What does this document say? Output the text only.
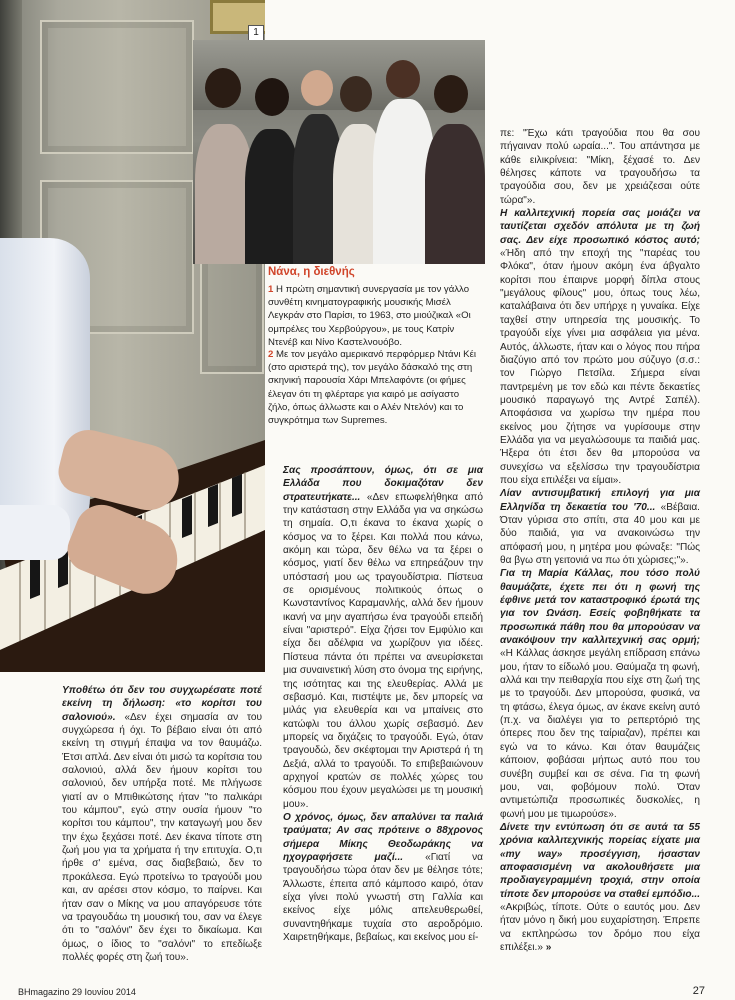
1
Νάνα, η διεθνής
1 Η πρώτη σημαντική συνεργασία με τον γάλλο συνθέτη κινηματογραφικής μουσικής Μισέλ Λεγκράν στο Παρίσι, το 1963, στο μιούζικαλ «Οι ομπρέλες του Χερβούργου», με τους Κατρίν Ντενέβ και Νίνο Καστελνουόβο.
2 Με τον μεγάλο αμερικανό περφόρμερ Ντάνι Κέι (στο αριστερά της), τον μεγάλο δάσκαλό της στη σκηνική παρουσία Χάρι Μπελαφόντε (οι φήμες έλεγαν ότι τη φλέρταρε για καιρό με ασίγαστο ζήλο, όπως άλλωστε και ο Αλέν Ντελόν) και το συγκρότημα των Supremes.

Υποθέτω ότι δεν του συγχωρέσατε ποτέ εκείνη τη δήλωση: «το κορίτσι του σαλονιού». «Δεν έχει σημασία αν του συγχώρεσα ή όχι. Το βέβαιο είναι ότι από εκείνη τη στιγμή έπαψα να τον θαυμάζω. Έτσι απλά. Δεν είναι ότι μισώ τα κορίτσια του σαλονιού, αλλά δεν ήμουν κορίτσι του σαλονιού, δεν υπήρξα ποτέ. Με πλήγωσε γιατί αν ο Μπιθικώτσης ήταν "το παλικάρι του κάμπου", εγώ στην ουσία ήμουν "το κορίτσι του κάμπου", την καταγωγή μου δεν την έχω ξεχάσει ποτέ. Δεν έκανα τίποτε στη ζωή μου για τα χρήματα ή την επιτυχία. Ο,τι ήρθε σ' εμένα, σας διαβεβαιώ, δεν το προκάλεσα. Εγώ προτείνω το τραγούδι μου και, αν αρέσει στον κόσμο, το παίρνει. Και ήταν σαν ο Μίκης να μου απαγόρευσε τότε να τραγουδάω τη μουσική του, σαν να έλεγε ότι το "σαλόνι" δεν έχει το δικαίωμα. Και όμως, ο ίδιος το "σαλόνι" το επεδίωξε πολλές φορές στη ζωή του».

Σας προσάπτουν, όμως, ότι σε μια Ελλάδα που δοκιμαζόταν δεν στρατευτήκατε... «Δεν επωφελήθηκα από την κατάσταση στην Ελλάδα για να σηκώσω τη σημαία. Ο,τι έκανα το έκανα χωρίς ο κόσμος να το ξέρει. Και πολλά που κάνω, ακόμη και τώρα, δεν θέλω να τα ξέρει ο κόσμος, γιατί δεν θέλω να επηρεάζουν την υπόστασή μου ως τραγουδίστρια. Πίστευα σε ορισμένους πολιτικούς όπως ο Κωνσταντίνος Καραμανλής, αλλά δεν ήμουν ικανή να μην αγαπήσω ένα τραγούδι επειδή είναι "αριστερό". Είχα ζήσει τον Εμφύλιο και είχα δει αδέλφια να χωρίζουν για ιδέες. Πίστευα πάντα ότι πρέπει να ανευρίσκεται μια συναινετική λύση στο όνομα της ειρήνης, της ισότητας και της ελευθερίας. Αλλά με σεβασμό. Και, πιστέψτε με, δεν μπορείς να μιλάς για ελευθερία και να μπαίνεις στο κατώφλι του άλλου χωρίς σεβασμό. Δεν μπορείς να διχάζεις το τραγούδι. Εγώ, όταν τραγουδώ, δεν σκέφτομαι την Αριστερά ή τη Δεξιά, αλλά το τραγούδι. Το επιβεβαιώνουν αρχηγοί κρατών σε πολλές χώρες του κόσμου που έχουν μεγαλώσει με τη μουσική μου».

Ο χρόνος, όμως, δεν απαλύνει τα παλιά τραύματα; Αν σας πρότεινε ο 88χρονος σήμερα Μίκης Θεοδωράκης να ηχογραφήσετε μαζί... «Γιατί να τραγουδήσω τώρα όταν δεν με θέλησε τότε; Άλλωστε, έπειτα από κάμποσο καιρό, όταν είχα γίνει πολύ γνωστή στη Γαλλία και εκείνος είχε μόλις απελευθερωθεί, συναντηθήκαμε τυχαία στο αεροδρόμιο. Χαιρετηθήκαμε, βεβαίως, και εκείνος μου εί-

πε: "Έχω κάτι τραγούδια που θα σου πήγαιναν πολύ ωραία...". Του απάντησα με κάθε ειλικρίνεια: "Μίκη, ξέχασέ το. Δεν θέλησες κάποτε να τραγουδήσω τα τραγούδια σου, δεν με χρειάζεσαι ούτε τώρα"».

Η καλλιτεχνική πορεία σας μοιάζει να ταυτίζεται σχεδόν απόλυτα με τη ζωή σας. Δεν είχε προσωπικό κόστος αυτό; «Ήδη από την εποχή της "παρέας του Φλόκα", όταν ήμουν ακόμη ένα άβγαλτο κορίτσι που έπαιρνε μορφή δίπλα στους "μεγάλους φίλους" μου, όπως τους λέω, καταλάβαινα ότι δεν υπήρχε η γυναίκα. Είχε ταχθεί στην υπηρεσία της μουσικής. Το τραγούδι είχε γίνει μια ασφάλεια για μένα. Αυτός, άλλωστε, ήταν και ο λόγος που πήρα διαζύγιο από τον πρώτο μου σύζυγο (σ.σ.: τον Γιώργο Πετσίλα. Σήμερα είναι παντρεμένη με τον εδώ και πέντε δεκαετίες μουσικό παραγωγό της Αντρέ Σαπέλ). Αποφάσισα να χωρίσω την ημέρα που εκείνος μου ζήτησε να γυρίσουμε στην Ελλάδα για να μεγαλώσουμε τα παιδιά μας. Ήξερα ότι έτσι δεν θα μπορούσα να συνεχίσω να εξελίσσω την τραγουδίστρια που είχα επιλέξει να είμαι».

Λίαν αντισυμβατική επιλογή για μια Ελληνίδα τη δεκαετία του '70... «Βέβαια. Όταν γύρισα στο σπίτι, στα 40 μου και με δύο παιδιά, για να ανακοινώσω την απόφασή μου, η μητέρα μου φώναξε: "Πώς θα βγω στη γειτονιά να πω ότι χώρισες;"».

Για τη Μαρία Κάλλας, που τόσο πολύ θαυμάζατε, έχετε πει ότι η φωνή της έφθινε μετά τον καταστροφικό έρωτά της για τον Ωνάση. Εσείς φοβηθήκατε τα προσωπικά πάθη που θα μπορούσαν να ανακόψουν την καλλιτεχνική σας ορμή; «Η Κάλλας άσκησε μεγάλη επίδραση επάνω μου, ήταν το είδωλό μου. Θαύμαζα τη φωνή, αλλά και την πειθαρχία που είχε στη ζωή της με το τραγούδι. Δεν μπορούσα, φυσικά, να τη φτάσω, έλεγα όμως, αν έκανε εκείνη αυτό (π.χ. να διαλέγει για το ρεπερτόριό της όπερες που δεν της ταίριαζαν), πρέπει και εγώ να το κάνω. Και όταν θαυμάζεις κάποιον, φοβάσαι μήπως αυτό που του συνέβη συμβεί και σε σένα. Για τη φωνή μου, ναι, φοβόμουν πολύ. Όταν αντιμετώπιζα προσωπικές δυσκολίες, η φωνή μου με τιμωρούσε».

Δίνετε την εντύπωση ότι σε αυτά τα 55 χρόνια καλλιτεχνικής πορείας είχατε μια «my way» προσέγγιση, ήσασταν αποφασισμένη να ακολουθήσετε μια προδιαγεγραμμένη τροχιά, στην οποία τίποτε δεν μπορούσε να σταθεί εμπόδιο... «Ακριβώς, τίποτε. Ούτε ο εαυτός μου. Δεν ήταν μόνο η δική μου ευχαρίστηση. Έπρεπε να εκπληρώσω τον δρόμο που είχα επιλέξει.» »

BHmagazino 29 Ιουνίου 2014	27
